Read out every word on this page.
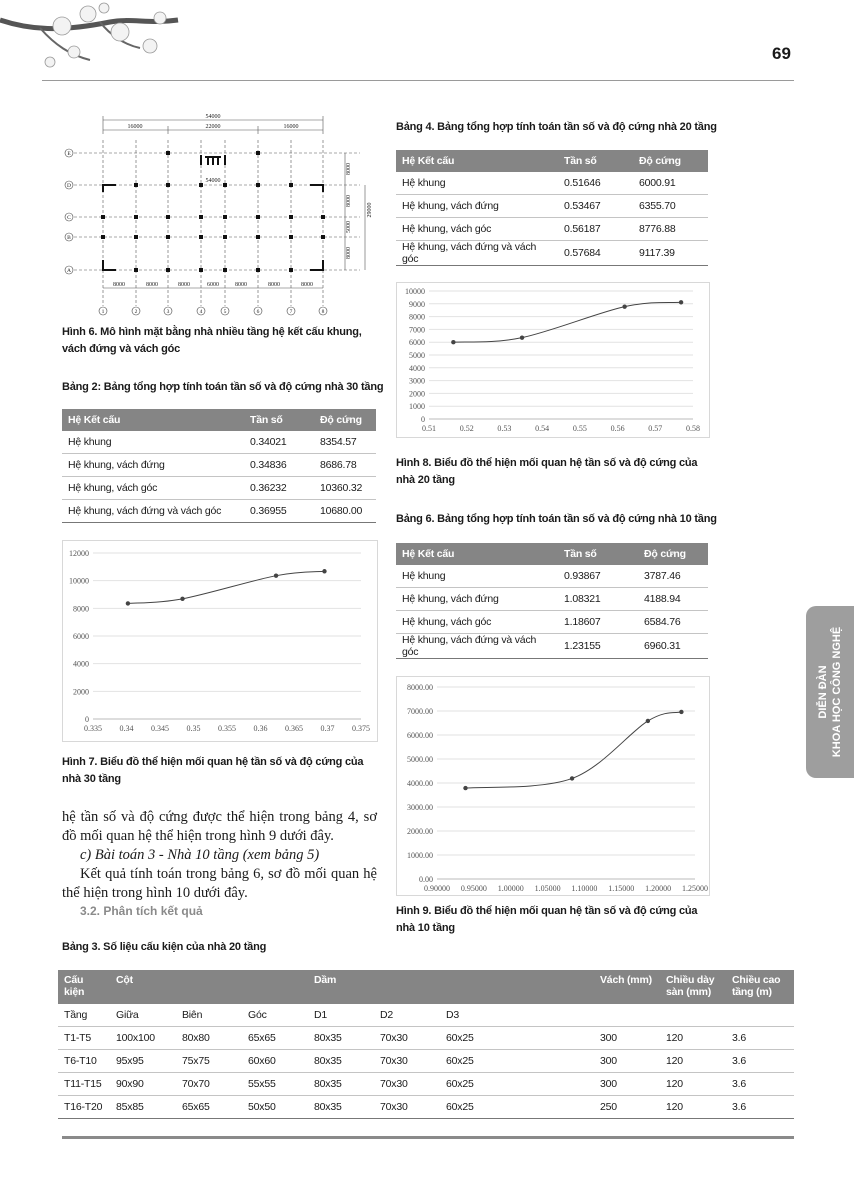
69
DIỄN ĐÀN KHOA HỌC CÔNG NGHỆ
54000
16000	22000	16000
54000
8000
8000
5000
8000
29000
8000	8000	8000	6000	8000	8000	8000
E
D
C
B
A
1	2	3	4	5	6	7	8
Hình 6. Mô hình mặt bằng nhà nhiều tầng hệ kết cấu khung, vách đứng và vách góc
Bảng 2: Bảng tổng hợp tính toán tần số và độ cứng nhà 30 tầng
Hệ Kết cấu	Tần số	Độ cứng
Hệ khung	0.34021	8354.57
Hệ khung, vách đứng	0.34836	8686.78
Hệ khung, vách góc	0.36232	10360.32
Hệ khung, vách đứng và vách góc	0.36955	10680.00
0
2000
4000
6000
8000
10000
12000
0.335 0.34 0.345 0.35 0.355 0.36 0.365 0.37 0.375
Hình 7. Biểu đồ thể hiện mối quan hệ tần số và độ cứng của nhà 30 tầng
hệ tần số và độ cứng được thể hiện trong bảng 4, sơ đồ mối quan hệ thể hiện trong hình 9 dưới đây.
c) Bài toán 3 - Nhà 10 tầng (xem bảng 5)
Kết quả tính toán trong bảng 6, sơ đồ mối quan hệ thể hiện trong hình 10 dưới đây.
3.2. Phân tích kết quả
Bảng 4. Bảng tổng hợp tính toán tần số và độ cứng nhà 20 tầng
Hệ Kết cấu	Tần số	Độ cứng
Hệ khung	0.51646	6000.91
Hệ khung, vách đứng	0.53467	6355.70
Hệ khung, vách góc	0.56187	8776.88
Hệ khung, vách đứng và vách góc	0.57684	9117.39
0
1000
2000
3000
4000
5000
6000
7000
8000
9000
10000
0.51	0.52	0.53	0.54	0.55	0.56	0.57	0.58
Hình 8. Biểu đồ thể hiện mối quan hệ tần số và độ cứng của nhà 20 tầng
Bảng 6. Bảng tổng hợp tính toán tần số và độ cứng nhà 10 tầng
Hệ Kết cấu	Tần số	Độ cứng
Hệ khung	0.93867	3787.46
Hệ khung, vách đứng	1.08321	4188.94
Hệ khung, vách góc	1.18607	6584.76
Hệ khung, vách đứng và vách góc	1.23155	6960.31
0.00
1000.00
2000.00
3000.00
4000.00
5000.00
6000.00
7000.00
8000.00
0.90000 0.95000 1.00000 1.05000 1.10000 1.15000 1.20000 1.25000
Hình 9. Biểu đồ thể hiện mối quan hệ tần số và độ cứng của nhà 10 tầng
Bảng 3. Số liệu cấu kiện của nhà 20 tầng
Cấu kiện	Cột			Dầm			Vách (mm)	Chiều dày sàn (mm)	Chiều cao tầng (m)
Tầng	Giữa	Biên	Góc	D1	D2	D3			
T1-T5	100x100	80x80	65x65	80x35	70x30	60x25	300	120	3.6
T6-T10	95x95	75x75	60x60	80x35	70x30	60x25	300	120	3.6
T11-T15	90x90	70x70	55x55	80x35	70x30	60x25	300	120	3.6
T16-T20	85x85	65x65	50x50	80x35	70x30	60x25	250	120	3.6
